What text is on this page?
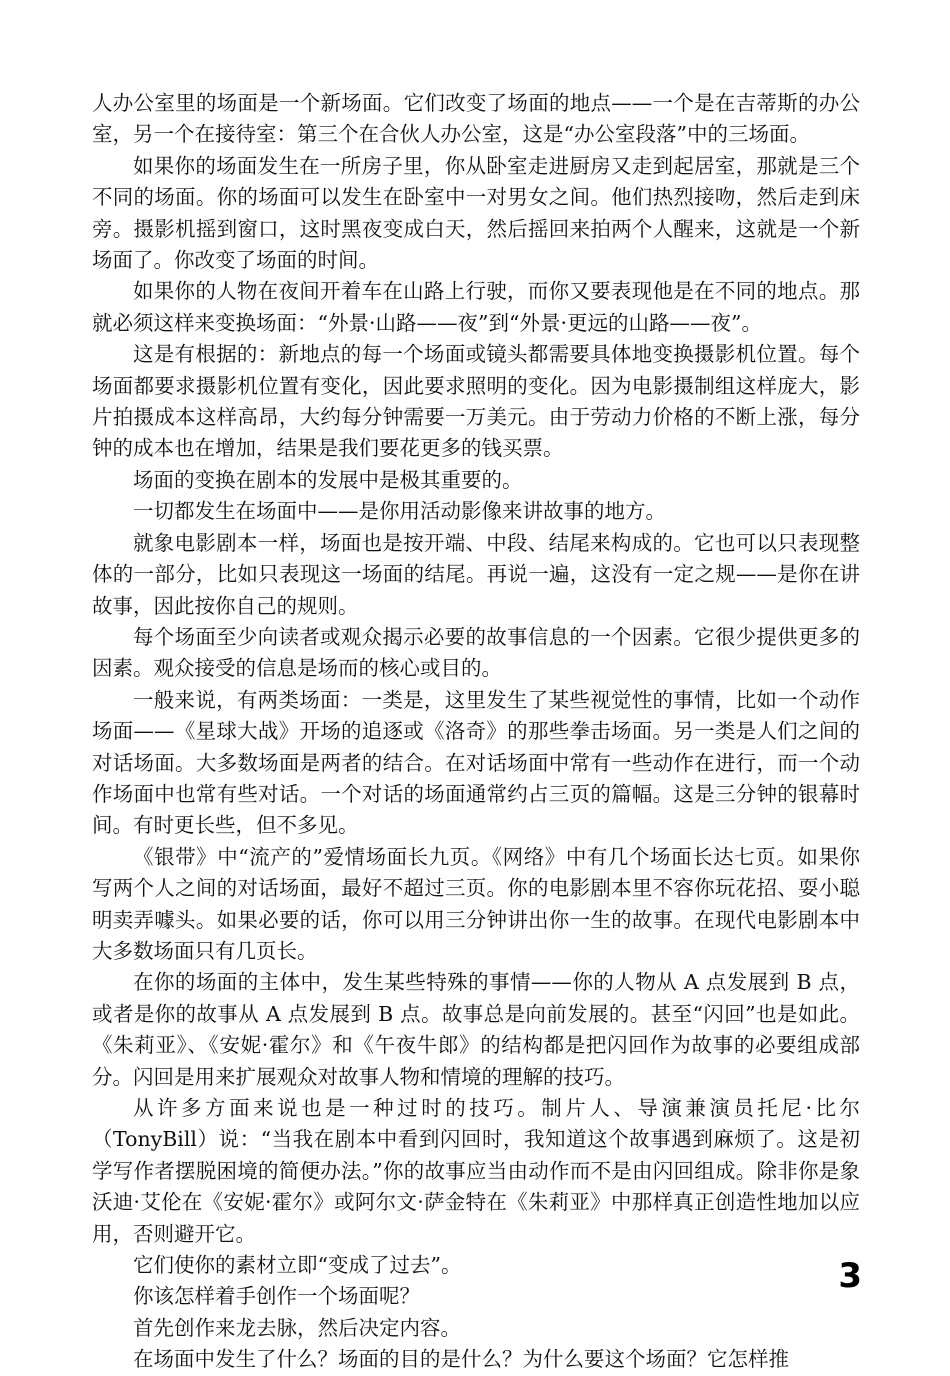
人办公室里的场面是一个新场面。它们改变了场面的地点——一个是在吉蒂斯的办公室，另一个在接待室：第三个在合伙人办公室，这是“办公室段落”中的三场面。

如果你的场面发生在一所房子里，你从卧室走进厨房又走到起居室，那就是三个不同的场面。你的场面可以发生在卧室中一对男女之间。他们热烈接吻，然后走到床旁。摄影机摇到窗口，这时黑夜变成白天，然后摇回来拍两个人醒来，这就是一个新场面了。你改变了场面的时间。

如果你的人物在夜间开着车在山路上行驶，而你又要表现他是在不同的地点。那就必须这样来变换场面：“外景·山路——夜”到“外景·更远的山路——夜”。

这是有根据的：新地点的每一个场面或镜头都需要具体地变换摄影机位置。每个场面都要求摄影机位置有变化，因此要求照明的变化。因为电影摄制组这样庞大，影片拍摄成本这样高昂，大约每分钟需要一万美元。由于劳动力价格的不断上涨，每分钟的成本也在增加，结果是我们要花更多的钱买票。

场面的变换在剧本的发展中是极其重要的。

一切都发生在场面中——是你用活动影像来讲故事的地方。

就象电影剧本一样，场面也是按开端、中段、结尾来构成的。它也可以只表现整体的一部分，比如只表现这一场面的结尾。再说一遍，这没有一定之规——是你在讲故事，因此按你自己的规则。

每个场面至少向读者或观众揭示必要的故事信息的一个因素。它很少提供更多的因素。观众接受的信息是场而的核心或目的。

一般来说，有两类场面：一类是，这里发生了某些视觉性的事情，比如一个动作场面——《星球大战》开场的追逐或《洛奇》的那些拳击场面。另一类是人们之间的对话场面。大多数场面是两者的结合。在对话场面中常有一些动作在进行，而一个动作场面中也常有些对话。一个对话的场面通常约占三页的篇幅。这是三分钟的银幕时间。有时更长些，但不多见。

《银带》中“流产的”爱情场面长九页。《网络》中有几个场面长达七页。如果你写两个人之间的对话场面，最好不超过三页。你的电影剧本里不容你玩花招、耍小聪明卖弄噱头。如果必要的话，你可以用三分钟讲出你一生的故事。在现代电影剧本中大多数场面只有几页长。

在你的场面的主体中，发生某些特殊的事情——你的人物从 A 点发展到 B 点，或者是你的故事从 A 点发展到 B 点。故事总是向前发展的。甚至“闪回”也是如此。《朱莉亚》、《安妮·霍尔》和《午夜牛郎》的结构都是把闪回作为故事的必要组成部分。闪回是用来扩展观众对故事人物和情境的理解的技巧。

从许多方面来说也是一种过时的技巧。制片人、导演兼演员托尼·比尔（TonyBill）说：“当我在剧本中看到闪回时，我知道这个故事遇到麻烦了。这是初学写作者摆脱困境的简便办法。”你的故事应当由动作而不是由闪回组成。除非你是象沃迪·艾伦在《安妮·霍尔》或阿尔文·萨金特在《朱莉亚》中那样真正创造性地加以应用，否则避开它。

它们使你的素材立即“变成了过去”。

你该怎样着手创作一个场面呢？

首先创作来龙去脉，然后决定内容。

在场面中发生了什么？场面的目的是什么？为什么要这个场面？它怎样推

3
